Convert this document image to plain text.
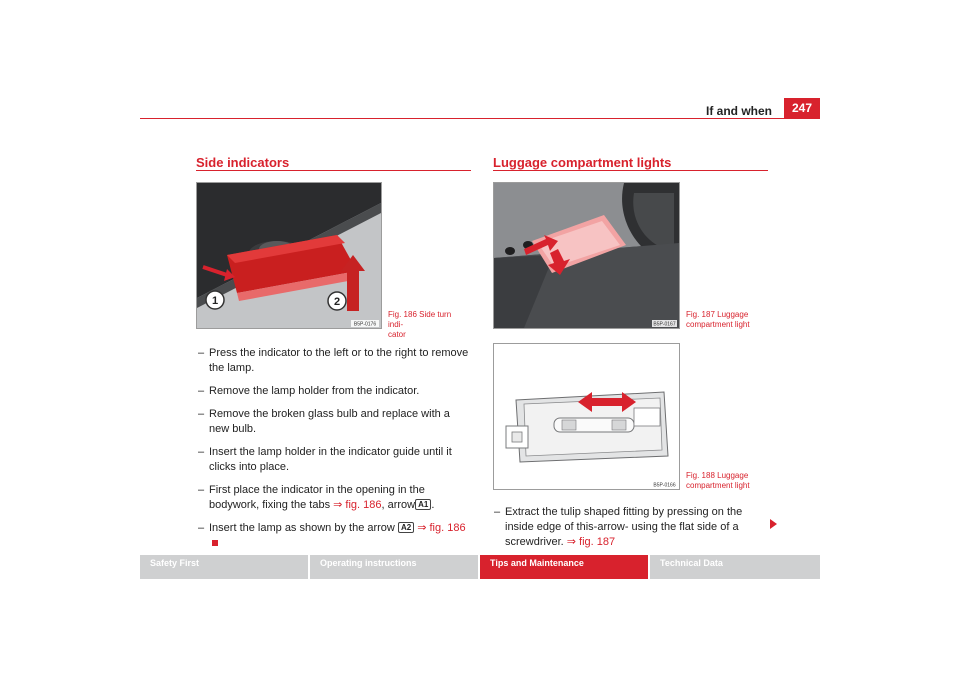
If and when	247
Side indicators
1	2
B5P-0176
Fig. 186 Side turn indi-
cator
– Press the indicator to the left or to the right to remove the lamp.
– Remove the lamp holder from the indicator.
– Remove the broken glass bulb and replace with a new bulb.
– Insert the lamp holder in the indicator guide until it clicks into place.
– First place the indicator in the opening in the bodywork, fixing the tabs ⇒ fig. 186, arrow A1 .
– Insert the lamp as shown by the arrow A2 ⇒ fig. 186
Luggage compartment lights
B5P-0167
Fig. 187 Luggage
compartment light
B5P-0166
Fig. 188 Luggage
compartment light
– Extract the tulip shaped fitting by pressing on the inside edge of this-arrow- using the flat side of a screwdriver. ⇒ fig. 187
Safety First	Operating instructions	Tips and Maintenance	Technical Data
